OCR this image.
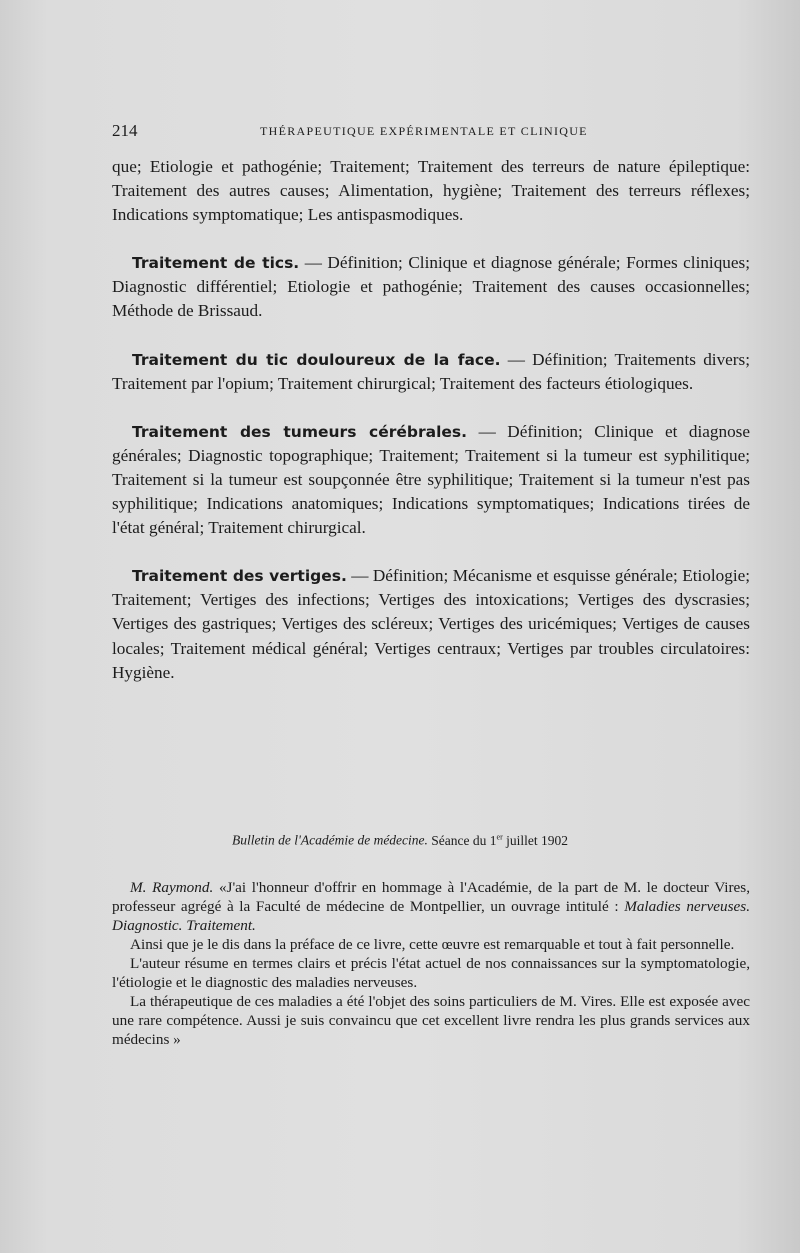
214	THÉRAPEUTIQUE EXPÉRIMENTALE ET CLINIQUE

que; Etiologie et pathogénie; Traitement; Traitement des terreurs de nature épileptique: Traitement des autres causes; Alimentation, hygiène; Traitement des terreurs réflexes; Indications symptomatique; Les antispasmodiques.

Traitement de tics. — Définition; Clinique et diagnose générale; Formes cliniques; Diagnostic différentiel; Etiologie et pathogénie; Traitement des causes occasionnelles; Méthode de Brissaud.

Traitement du tic douloureux de la face. — Définition; Traitements divers; Traitement par l'opium; Traitement chirurgical; Traitement des facteurs étiologiques.

Traitement des tumeurs cérébrales. — Définition; Clinique et diagnose générales; Diagnostic topographique; Traitement; Traitement si la tumeur est syphilitique; Traitement si la tumeur est soupçonnée être syphilitique; Traitement si la tumeur n'est pas syphilitique; Indications anatomiques; Indications symptomatiques; Indications tirées de l'état général; Traitement chirurgical.

Traitement des vertiges. — Définition; Mécanisme et esquisse générale; Etiologie; Traitement; Vertiges des infections; Vertiges des intoxications; Vertiges des dyscrasies; Vertiges des gastriques; Vertiges des scléreux; Vertiges des uricémiques; Vertiges de causes locales; Traitement médical général; Vertiges centraux; Vertiges par troubles circulatoires: Hygiène.

Bulletin de l'Académie de médecine. Séance du 1er juillet 1902

M. Raymond. «J'ai l'honneur d'offrir en hommage à l'Académie, de la part de M. le docteur Vires, professeur agrégé à la Faculté de médecine de Montpellier, un ouvrage intitulé : Maladies nerveuses. Diagnostic. Traitement.

Ainsi que je le dis dans la préface de ce livre, cette œuvre est remarquable et tout à fait personnelle.

L'auteur résume en termes clairs et précis l'état actuel de nos connaissances sur la symptomatologie, l'étiologie et le diagnostic des maladies nerveuses.

La thérapeutique de ces maladies a été l'objet des soins particuliers de M. Vires. Elle est exposée avec une rare compétence. Aussi je suis convaincu que cet excellent livre rendra les plus grands services aux médecins »
